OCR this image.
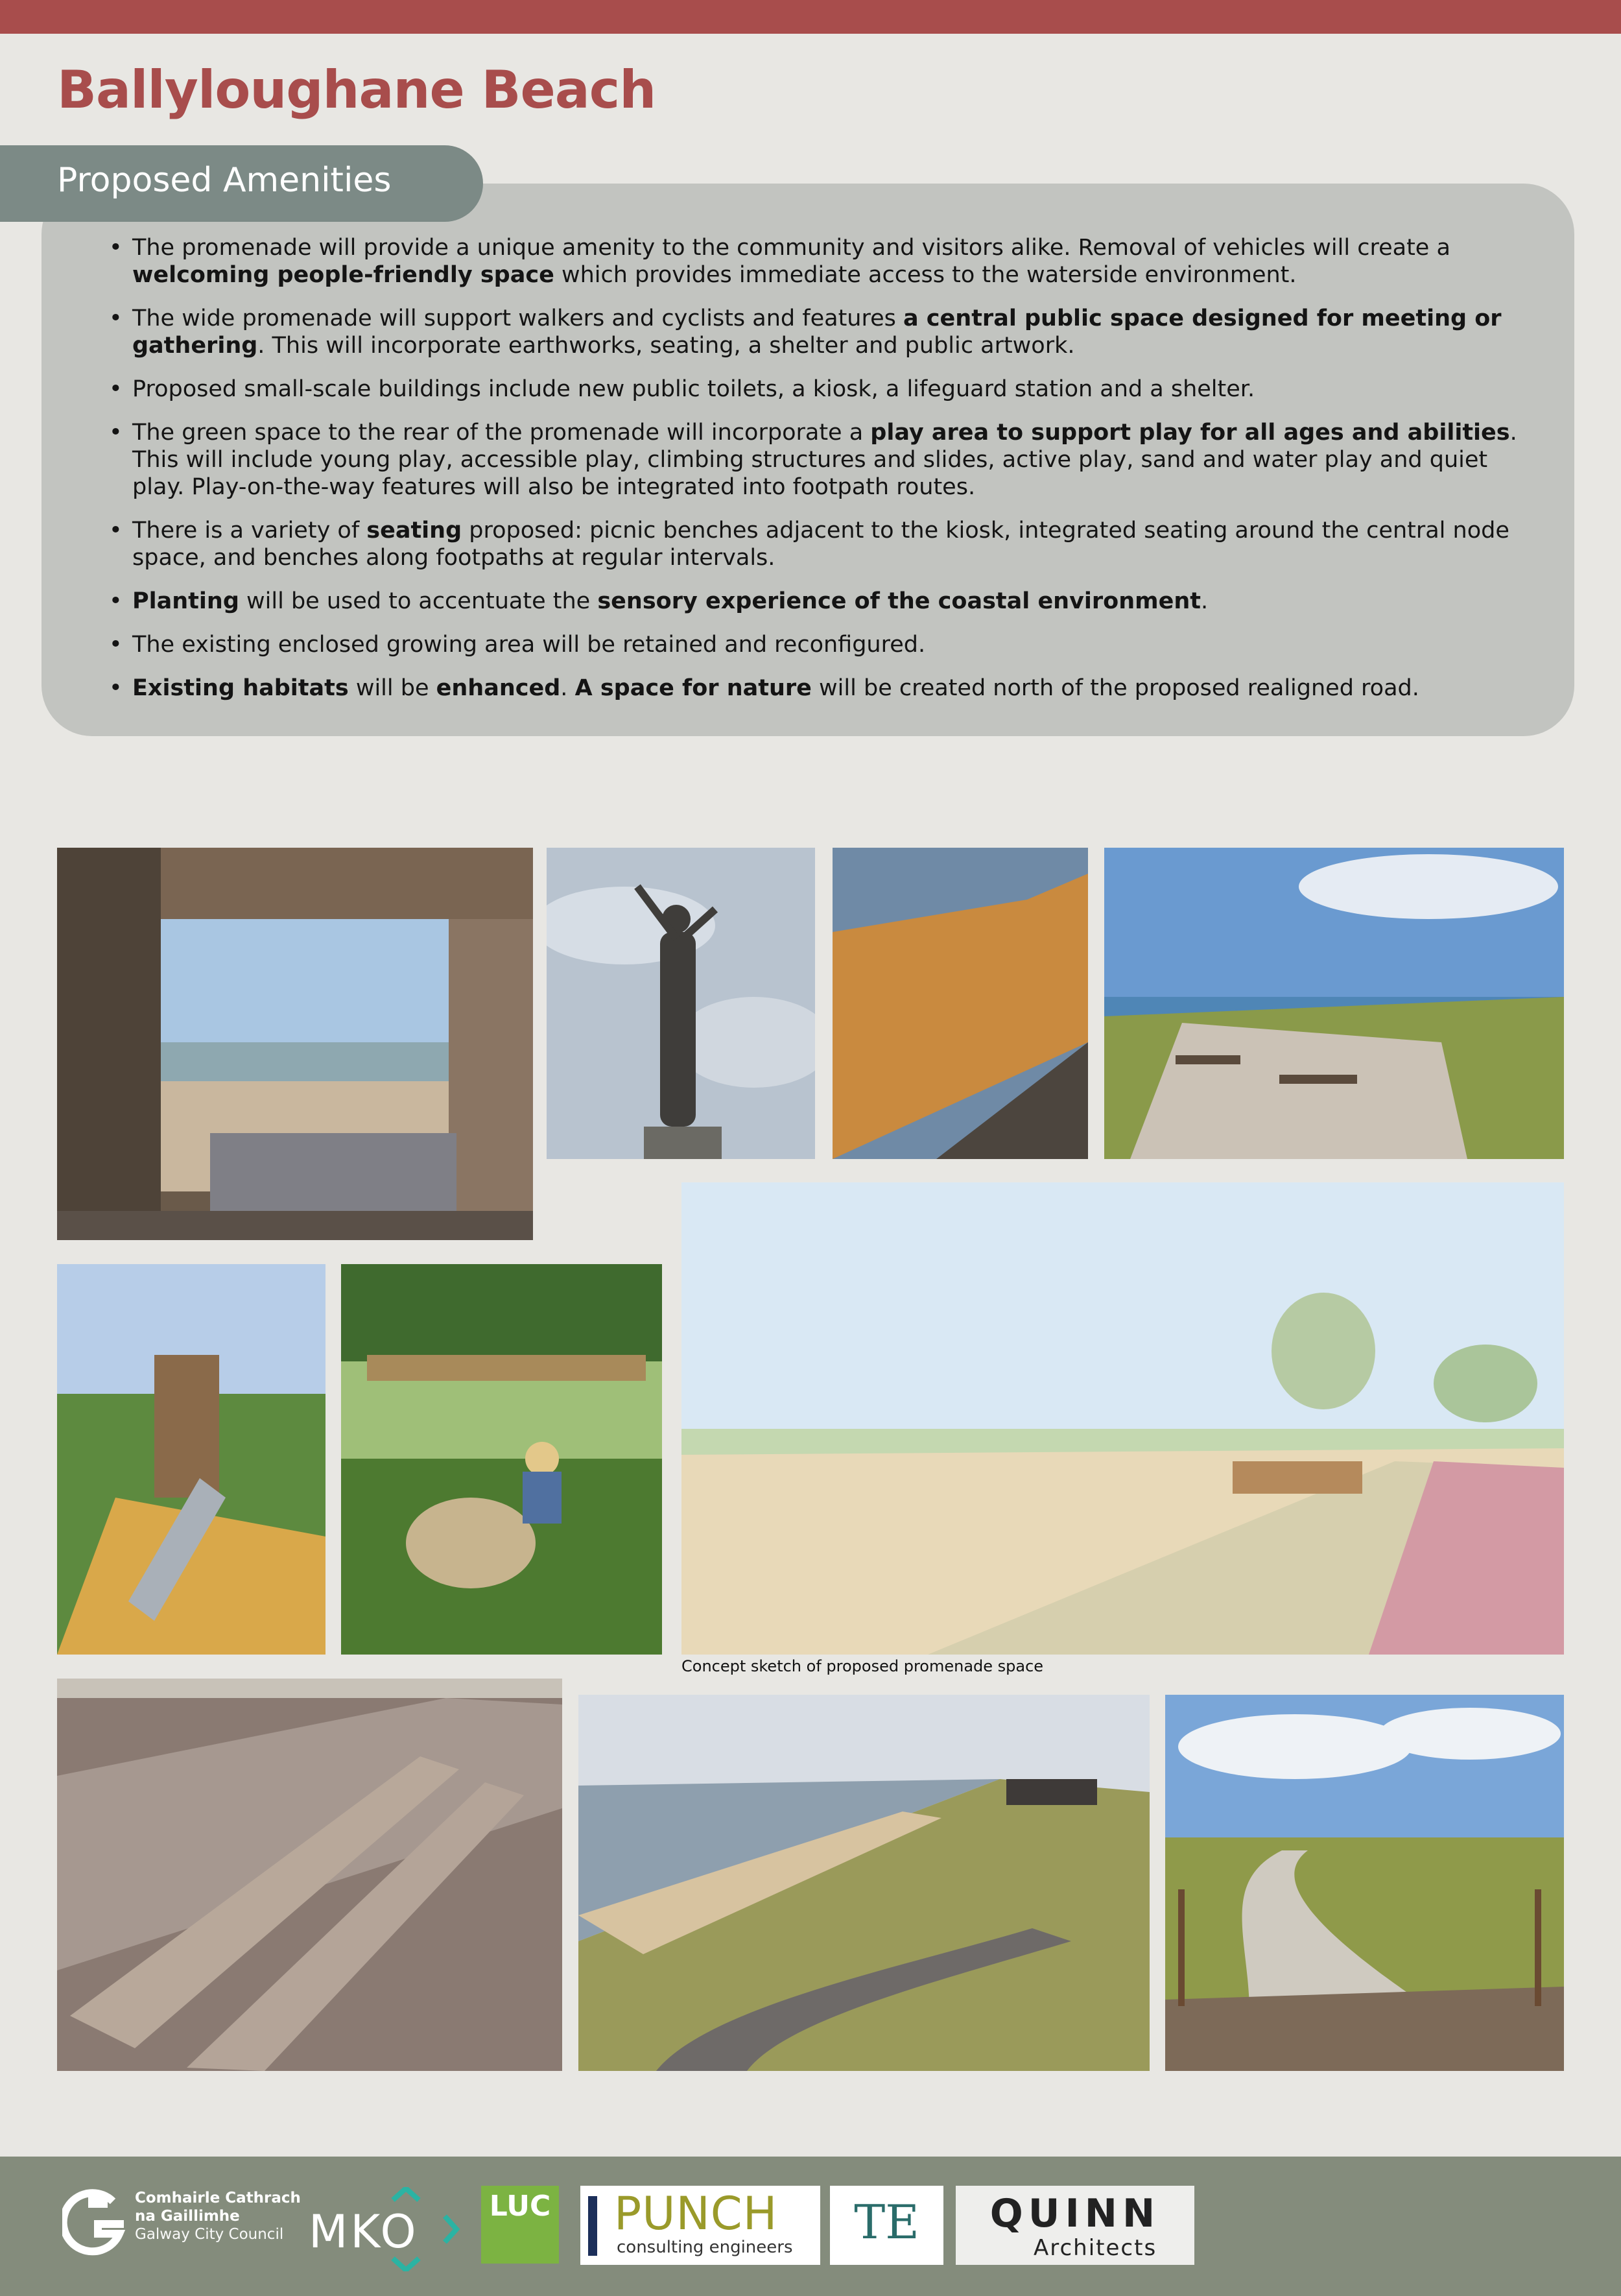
Ballyloughane Beach
• The promenade will provide a unique amenity to the community and visitors alike. Removal of vehicles will create a welcoming people-friendly space which provides immediate access to the waterside environment.
• The wide promenade will support walkers and cyclists and features a central public space designed for meeting or gathering. This will incorporate earthworks, seating, a shelter and public artwork.
• Proposed small-scale buildings include new public toilets, a kiosk, a lifeguard station and a shelter.
• The green space to the rear of the promenade will incorporate a play area to support play for all ages and abilities. This will include young play, accessible play, climbing structures and slides, active play, sand and water play and quiet play. Play-on-the-way features will also be integrated into footpath routes.
• There is a variety of seating proposed: picnic benches adjacent to the kiosk, integrated seating around the central node space, and benches along footpaths at regular intervals.
• Planting will be used to accentuate the sensory experience of the coastal environment.
• The existing enclosed growing area will be retained and reconfigured.
• Existing habitats will be enhanced. A space for nature will be created north of the proposed realigned road.
Proposed Amenities
Concept sketch of proposed promenade space
Comhairle Cathrach
na Gaillimhe
Galway City Council MKO LUC PUNCH
consulting engineers	TE	QUINN
Architects
